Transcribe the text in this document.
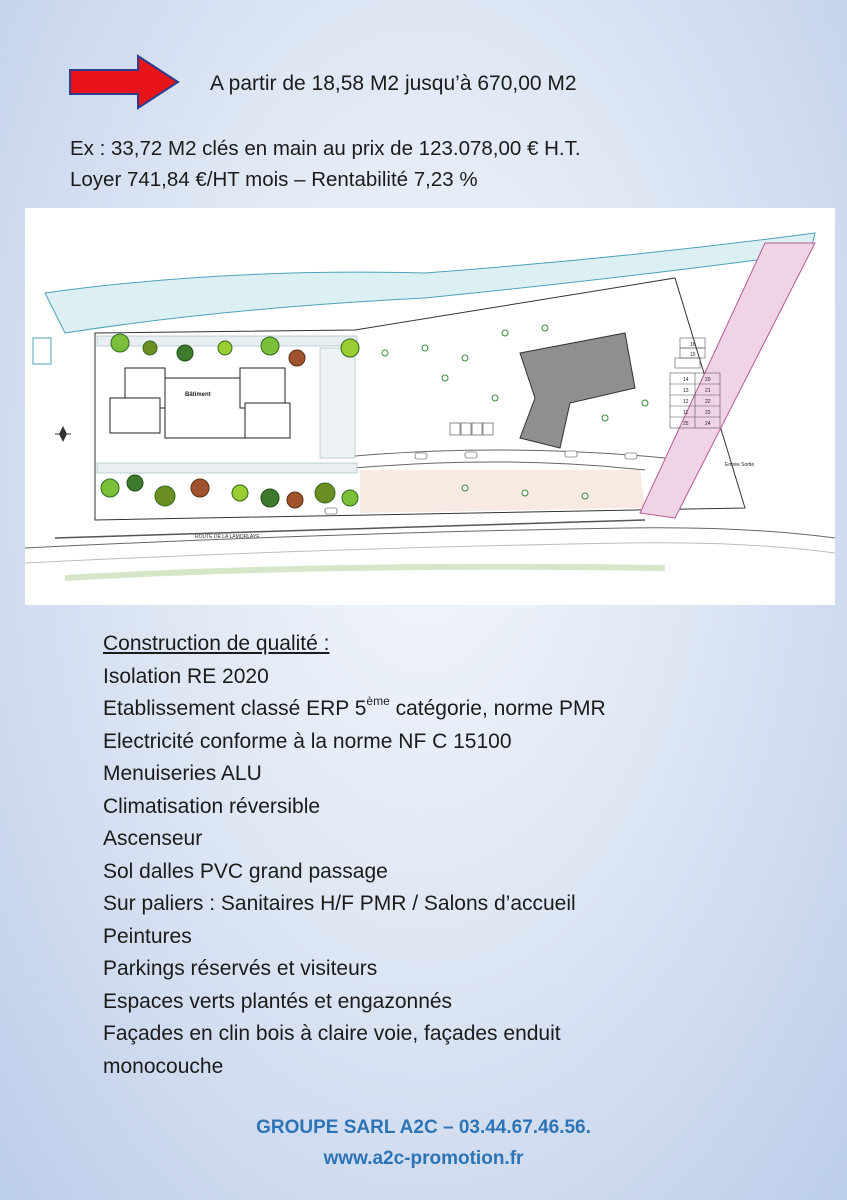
A partir de 18,58 M2 jusqu’à 670,00 M2
Ex : 33,72 M2 clés en main au prix de 123.078,00 € H.T.
Loyer 741,84 €/HT mois – Rentabilité 7,23 %
ROUTE DE LA LAMORLAYE
Bâtiment
16
15
14
13
12
11
20
21
22
23
24
25
Entrée Sortie
Construction de qualité :
Isolation RE 2020
Etablissement classé ERP 5ème catégorie, norme PMR
Electricité conforme à la norme NF C 15100
Menuiseries ALU
Climatisation réversible
Ascenseur
Sol dalles PVC grand passage
Sur paliers : Sanitaires H/F PMR / Salons d’accueil
Peintures
Parkings réservés et visiteurs
Espaces verts plantés et engazonnés
Façades en clin bois à claire voie, façades enduit
monocouche
GROUPE SARL A2C – 03.44.67.46.56.
www.a2c-promotion.fr
